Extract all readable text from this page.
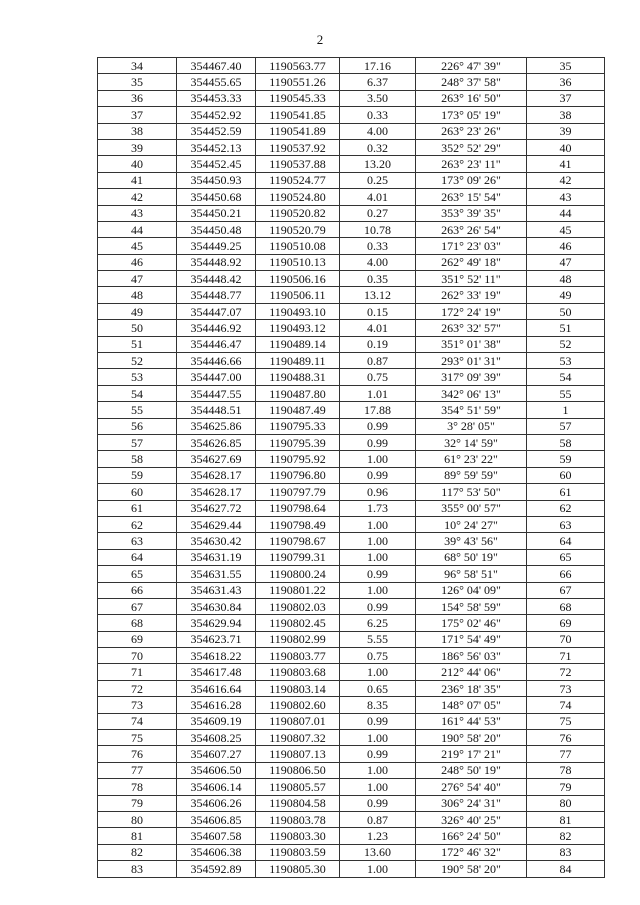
2
34	354467.40	1190563.77	17.16	226° 47' 39"	35
35	354455.65	1190551.26	6.37	248° 37' 58"	36
36	354453.33	1190545.33	3.50	263° 16' 50"	37
37	354452.92	1190541.85	0.33	173° 05' 19"	38
38	354452.59	1190541.89	4.00	263° 23' 26"	39
39	354452.13	1190537.92	0.32	352° 52' 29"	40
40	354452.45	1190537.88	13.20	263° 23' 11"	41
41	354450.93	1190524.77	0.25	173° 09' 26"	42
42	354450.68	1190524.80	4.01	263° 15' 54"	43
43	354450.21	1190520.82	0.27	353° 39' 35"	44
44	354450.48	1190520.79	10.78	263° 26' 54"	45
45	354449.25	1190510.08	0.33	171° 23' 03"	46
46	354448.92	1190510.13	4.00	262° 49' 18"	47
47	354448.42	1190506.16	0.35	351° 52' 11"	48
48	354448.77	1190506.11	13.12	262° 33' 19"	49
49	354447.07	1190493.10	0.15	172° 24' 19"	50
50	354446.92	1190493.12	4.01	263° 32' 57"	51
51	354446.47	1190489.14	0.19	351° 01' 38"	52
52	354446.66	1190489.11	0.87	293° 01' 31"	53
53	354447.00	1190488.31	0.75	317° 09' 39"	54
54	354447.55	1190487.80	1.01	342° 06' 13"	55
55	354448.51	1190487.49	17.88	354° 51' 59"	1
56	354625.86	1190795.33	0.99	3° 28' 05"	57
57	354626.85	1190795.39	0.99	32° 14' 59"	58
58	354627.69	1190795.92	1.00	61° 23' 22"	59
59	354628.17	1190796.80	0.99	89° 59' 59"	60
60	354628.17	1190797.79	0.96	117° 53' 50"	61
61	354627.72	1190798.64	1.73	355° 00' 57"	62
62	354629.44	1190798.49	1.00	10° 24' 27"	63
63	354630.42	1190798.67	1.00	39° 43' 56"	64
64	354631.19	1190799.31	1.00	68° 50' 19"	65
65	354631.55	1190800.24	0.99	96° 58' 51"	66
66	354631.43	1190801.22	1.00	126° 04' 09"	67
67	354630.84	1190802.03	0.99	154° 58' 59"	68
68	354629.94	1190802.45	6.25	175° 02' 46"	69
69	354623.71	1190802.99	5.55	171° 54' 49"	70
70	354618.22	1190803.77	0.75	186° 56' 03"	71
71	354617.48	1190803.68	1.00	212° 44' 06"	72
72	354616.64	1190803.14	0.65	236° 18' 35"	73
73	354616.28	1190802.60	8.35	148° 07' 05"	74
74	354609.19	1190807.01	0.99	161° 44' 53"	75
75	354608.25	1190807.32	1.00	190° 58' 20"	76
76	354607.27	1190807.13	0.99	219° 17' 21"	77
77	354606.50	1190806.50	1.00	248° 50' 19"	78
78	354606.14	1190805.57	1.00	276° 54' 40"	79
79	354606.26	1190804.58	0.99	306° 24' 31"	80
80	354606.85	1190803.78	0.87	326° 40' 25"	81
81	354607.58	1190803.30	1.23	166° 24' 50"	82
82	354606.38	1190803.59	13.60	172° 46' 32"	83
83	354592.89	1190805.30	1.00	190° 58' 20"	84
